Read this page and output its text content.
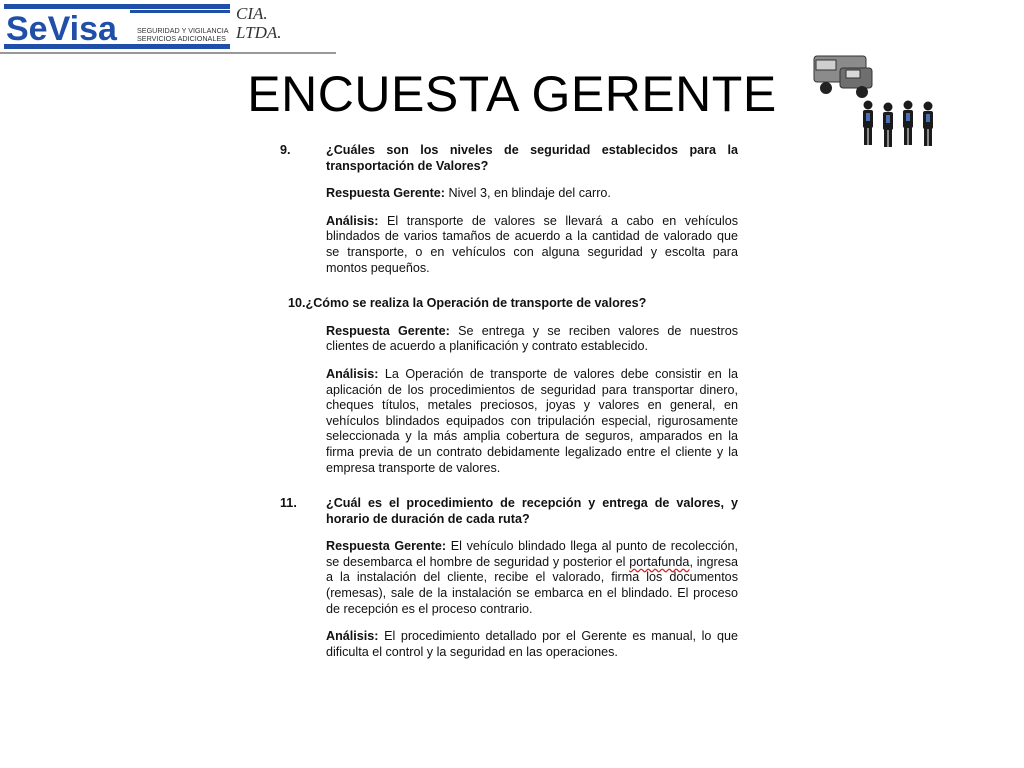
SeVisa	SEGURIDAD Y VIGILANCIA
SERVICIOS ADICIONALES
CIA.
LTDA.
ENCUESTA GERENTE
9.	¿Cuáles son los niveles de seguridad establecidos para la transportación de Valores?
Respuesta Gerente: Nivel 3, en blindaje del carro.
Análisis: El transporte de valores se llevará a cabo en vehículos blindados de varios tamaños de acuerdo a la cantidad de valorado que se transporte, o en vehículos con alguna seguridad y escolta para montos pequeños.
10.¿Cómo se realiza la Operación de transporte de valores?
Respuesta Gerente: Se entrega y se reciben valores de nuestros clientes de acuerdo a planificación y contrato establecido.
Análisis: La Operación de transporte de valores debe consistir en la aplicación de los procedimientos de seguridad para transportar dinero, cheques títulos, metales preciosos, joyas y valores en general, en vehículos blindados equipados con tripulación especial, rigurosamente seleccionada y la más amplia cobertura de seguros, amparados en la firma previa de un contrato debidamente legalizado entre el cliente y la empresa transporte de valores.
11.	¿Cuál es el procedimiento de recepción y entrega de valores, y horario de duración de cada ruta?
Respuesta Gerente: El vehículo blindado llega al punto de recolección, se desembarca el hombre de seguridad y posterior el portafunda, ingresa a la instalación del cliente, recibe el valorado, firma los documentos (remesas), sale de la instalación se embarca en el blindado. El proceso de recepción es el proceso contrario.
Análisis: El procedimiento detallado por el Gerente es manual, lo que dificulta el control y la seguridad en las operaciones.
